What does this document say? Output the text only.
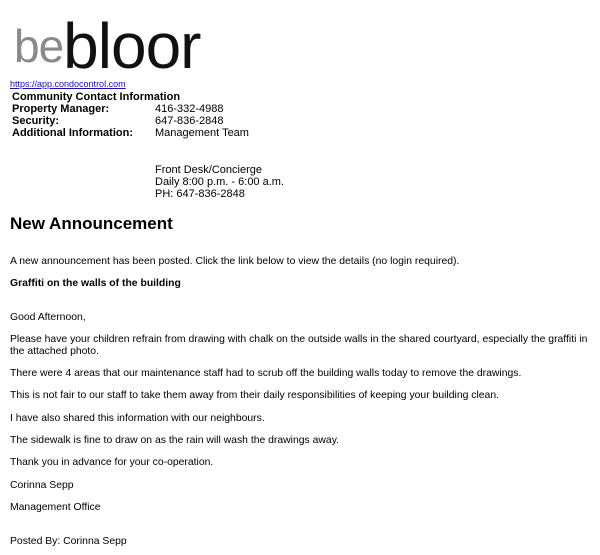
bebloor
https://app.condocontrol.com
Community Contact Information
Property Manager:	416-332-4988
Security:	647-836-2848
Additional Information:	Management Team
Front Desk/Concierge
Daily 8:00 p.m. - 6:00 a.m.
PH: 647-836-2848
New Announcement

A new announcement has been posted. Click the link below to view the details (no login required).

Graffiti on the walls of the building

Good Afternoon,

Please have your children refrain from drawing with chalk on the outside walls in the shared courtyard, especially the graffiti in the attached photo.

There were 4 areas that our maintenance staff had to scrub off the building walls today to remove the drawings.

This is not fair to our staff to take them away from their daily responsibilities of keeping your building clean.

I have also shared this information with our neighbours.

The sidewalk is fine to draw on as the rain will wash the drawings away.

Thank you in advance for your co-operation.

Corinna Sepp

Management Office

Posted By: Corinna Sepp
